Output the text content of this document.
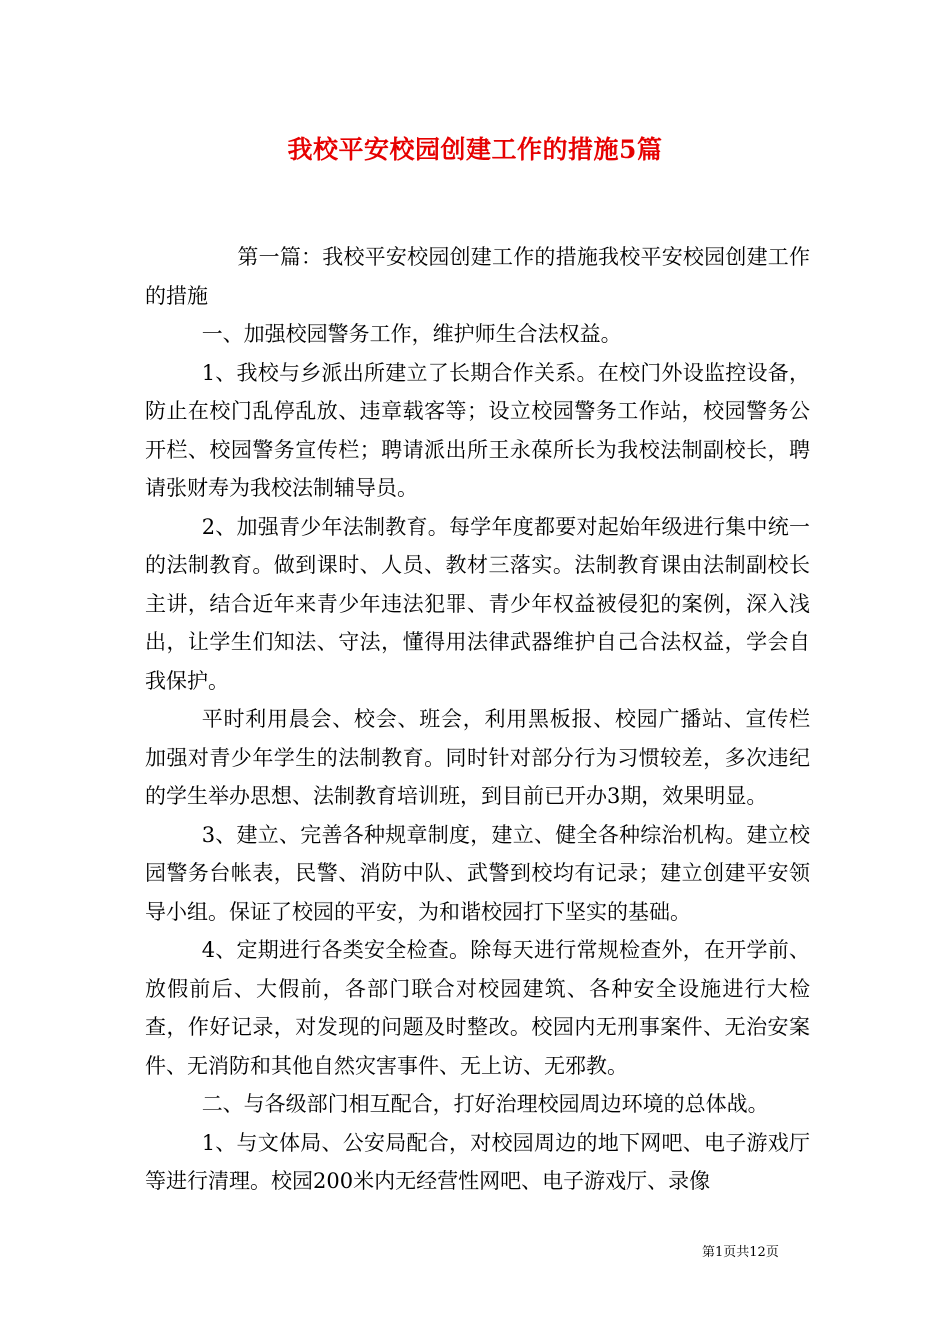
我校平安校园创建工作的措施5篇

第一篇：我校平安校园创建工作的措施我校平安校园创建工作的措施

一、加强校园警务工作，维护师生合法权益。

1、我校与乡派出所建立了长期合作关系。在校门外设监控设备，防止在校门乱停乱放、违章载客等；设立校园警务工作站，校园警务公开栏、校园警务宣传栏；聘请派出所王永葆所长为我校法制副校长，聘请张财寿为我校法制辅导员。

2、加强青少年法制教育。每学年度都要对起始年级进行集中统一的法制教育。做到课时、人员、教材三落实。法制教育课由法制副校长主讲，结合近年来青少年违法犯罪、青少年权益被侵犯的案例，深入浅出，让学生们知法、守法，懂得用法律武器维护自己合法权益，学会自我保护。

平时利用晨会、校会、班会，利用黑板报、校园广播站、宣传栏加强对青少年学生的法制教育。同时针对部分行为习惯较差，多次违纪的学生举办思想、法制教育培训班，到目前已开办3期，效果明显。

3、建立、完善各种规章制度，建立、健全各种综治机构。建立校园警务台帐表，民警、消防中队、武警到校均有记录；建立创建平安领导小组。保证了校园的平安，为和谐校园打下坚实的基础。

4、定期进行各类安全检查。除每天进行常规检查外，在开学前、放假前后、大假前，各部门联合对校园建筑、各种安全设施进行大检查，作好记录，对发现的问题及时整改。校园内无刑事案件、无治安案件、无消防和其他自然灾害事件、无上访、无邪教。

二、与各级部门相互配合，打好治理校园周边环境的总体战。

1、与文体局、公安局配合，对校园周边的地下网吧、电子游戏厅等进行清理。校园200米内无经营性网吧、电子游戏厅、录像

第1页共12页
